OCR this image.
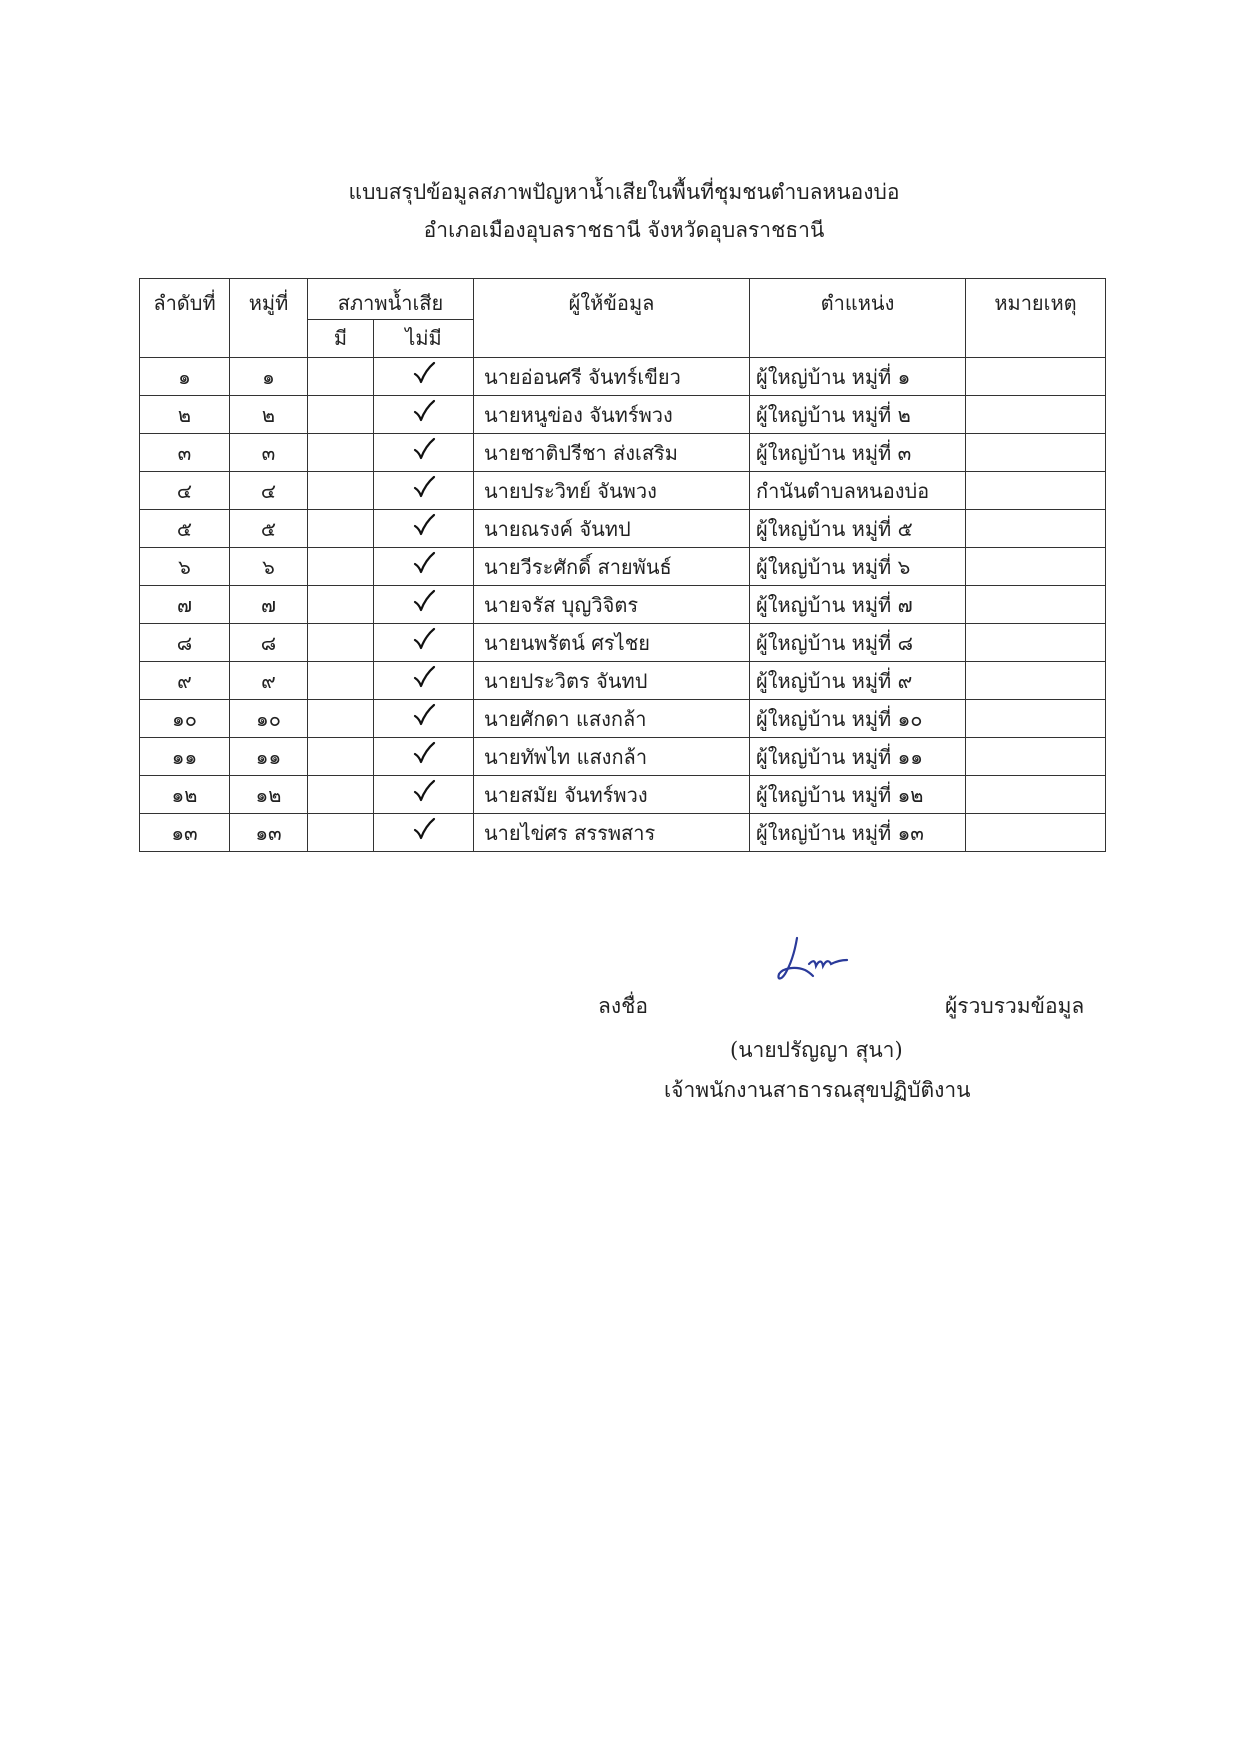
แบบสรุปข้อมูลสภาพปัญหาน้ำเสียในพื้นที่ชุมชนตำบลหนองบ่อ
อำเภอเมืองอุบลราชธานี จังหวัดอุบลราชธานี
ลำดับที่	หมู่ที่	สภาพน้ำเสีย		ผู้ให้ข้อมูล	ตำแหน่ง	หมายเหตุ
		มี	ไม่มี			
๑	๑			นายอ่อนศรี จันทร์เขียว	ผู้ใหญ่บ้าน หมู่ที่ ๑	
๒	๒			นายหนูข่อง จันทร์พวง	ผู้ใหญ่บ้าน หมู่ที่ ๒	
๓	๓			นายชาติปรีชา ส่งเสริม	ผู้ใหญ่บ้าน หมู่ที่ ๓	
๔	๔			นายประวิทย์ จันพวง	กำนันตำบลหนองบ่อ	
๕	๕			นายณรงค์ จันทป	ผู้ใหญ่บ้าน หมู่ที่ ๕	
๖	๖			นายวีระศักดิ์ สายพันธ์	ผู้ใหญ่บ้าน หมู่ที่ ๖	
๗	๗			นายจรัส บุญวิจิตร	ผู้ใหญ่บ้าน หมู่ที่ ๗	
๘	๘			นายนพรัตน์ ศรไชย	ผู้ใหญ่บ้าน หมู่ที่ ๘	
๙	๙			นายประวิตร จันทป	ผู้ใหญ่บ้าน หมู่ที่ ๙	
๑๐	๑๐			นายศักดา แสงกล้า	ผู้ใหญ่บ้าน หมู่ที่ ๑๐	
๑๑	๑๑			นายทัพไท แสงกล้า	ผู้ใหญ่บ้าน หมู่ที่ ๑๑	
๑๒	๑๒			นายสมัย จันทร์พวง	ผู้ใหญ่บ้าน หมู่ที่ ๑๒	
๑๓	๑๓			นายไข่ศร สรรพสาร	ผู้ใหญ่บ้าน หมู่ที่ ๑๓	
ลงชื่อ	ผู้รวบรวมข้อมูล
(นายปรัญญา สุนา)
เจ้าพนักงานสาธารณสุขปฏิบัติงาน
